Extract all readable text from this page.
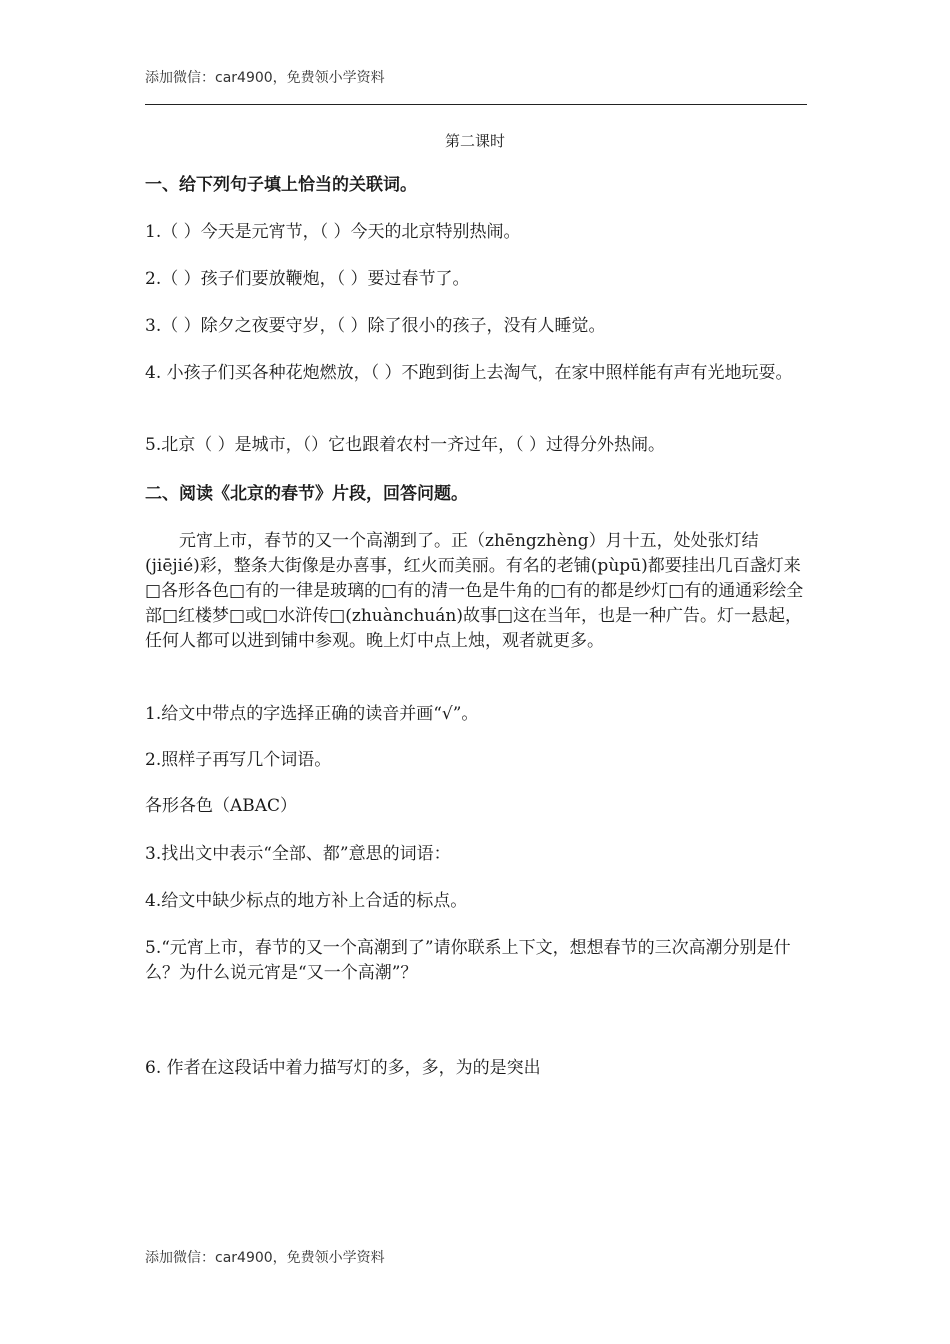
添加微信：car4900，免费领小学资料
第二课时

一、给下列句子填上恰当的关联词。

1.（ ）今天是元宵节，（ ）今天的北京特别热闹。

2.（ ）孩子们要放鞭炮，（ ）要过春节了。

3.（ ）除夕之夜要守岁，（ ）除了很小的孩子，没有人睡觉。

4. 小孩子们买各种花炮燃放，（ ）不跑到街上去淘气，在家中照样能有声有光地玩耍。

5.北京（ ）是城市，（）它也跟着农村一齐过年，（ ）过得分外热闹。

二、阅读《北京的春节》片段，回答问题。

元宵上市，春节的又一个高潮到了。正（zhēngzhèng）月十五，处处张灯结(jiējié)彩，整条大街像是办喜事，红火而美丽。有名的老铺(pùpū)都要挂出几百盏灯来□各形各色□有的一律是玻璃的□有的清一色是牛角的□有的都是纱灯□有的通通彩绘全部□红楼梦□或□水浒传□(zhuànchuán)故事□这在当年，也是一种广告。灯一悬起，任何人都可以进到铺中参观。晚上灯中点上烛，观者就更多。

1.给文中带点的字选择正确的读音并画“√”。

2.照样子再写几个词语。

各形各色（ABAC）

3.找出文中表示“全部、都”意思的词语：

4.给文中缺少标点的地方补上合适的标点。

5.“元宵上市，春节的又一个高潮到了”请你联系上下文，想想春节的三次高潮分别是什么？为什么说元宵是“又一个高潮”？

6. 作者在这段话中着力描写灯的多，多，为的是突出

添加微信：car4900，免费领小学资料
